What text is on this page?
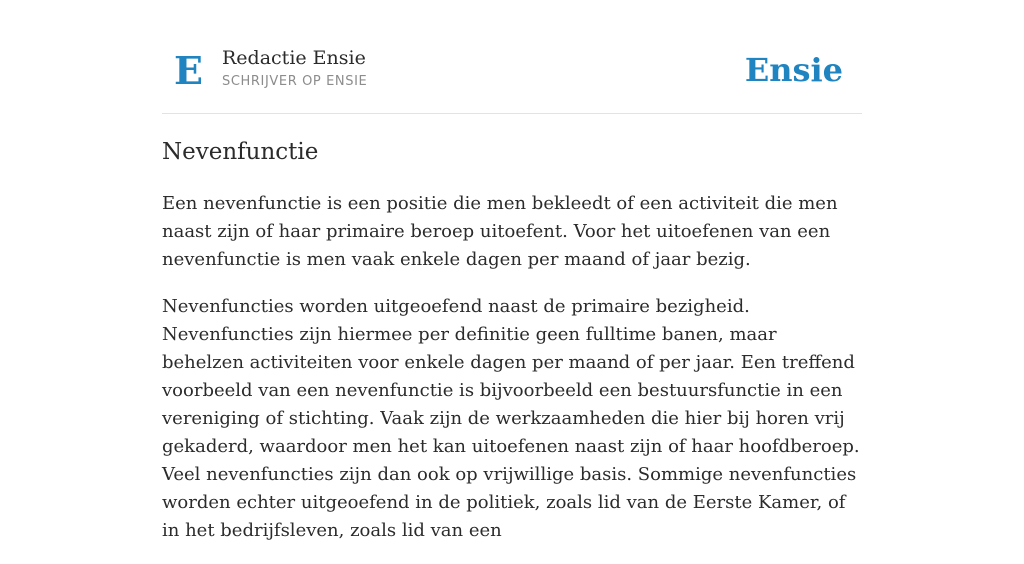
E Redactie Ensie
SCHRIJVER OP ENSIE	Ensie
Nevenfunctie

Een nevenfunctie is een positie die men bekleedt of een activiteit die men naast zijn of haar primaire beroep uitoefent. Voor het uitoefenen van een nevenfunctie is men vaak enkele dagen per maand of jaar bezig.

Nevenfuncties worden uitgeoefend naast de primaire bezigheid. Nevenfuncties zijn hiermee per definitie geen fulltime banen, maar behelzen activiteiten voor enkele dagen per maand of per jaar. Een treffend voorbeeld van een nevenfunctie is bijvoorbeeld een bestuursfunctie in een vereniging of stichting. Vaak zijn de werkzaamheden die hier bij horen vrij gekaderd, waardoor men het kan uitoefenen naast zijn of haar hoofdberoep. Veel nevenfuncties zijn dan ook op vrijwillige basis. Sommige nevenfuncties worden echter uitgeoefend in de politiek, zoals lid van de Eerste Kamer, of in het bedrijfsleven, zoals lid van een
